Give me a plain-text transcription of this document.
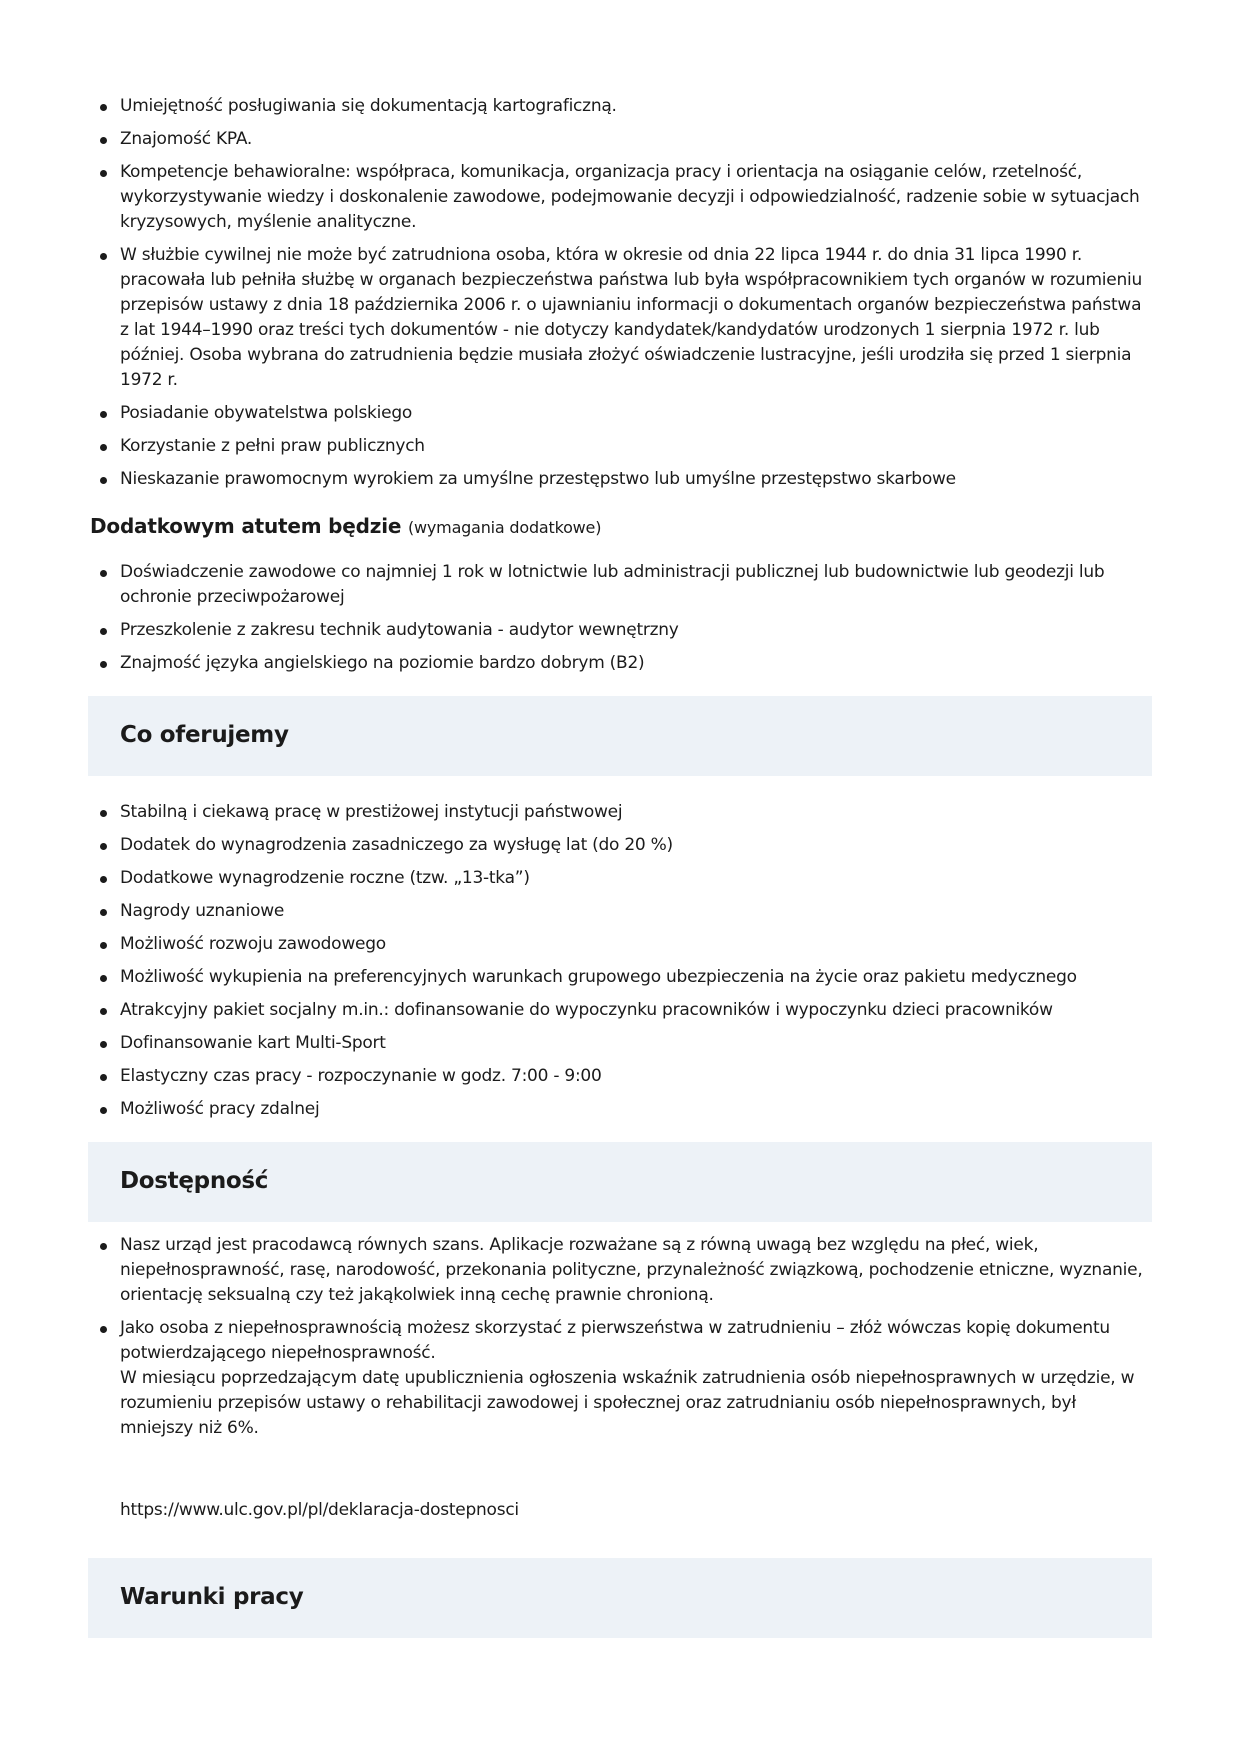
Umiejętność posługiwania się dokumentacją kartograficzną.
Znajomość KPA.
Kompetencje behawioralne: współpraca, komunikacja, organizacja pracy i orientacja na osiąganie celów, rzetelność, wykorzystywanie wiedzy i doskonalenie zawodowe, podejmowanie decyzji i odpowiedzialność, radzenie sobie w sytuacjach kryzysowych, myślenie analityczne.
W służbie cywilnej nie może być zatrudniona osoba, która w okresie od dnia 22 lipca 1944 r. do dnia 31 lipca 1990 r. pracowała lub pełniła służbę w organach bezpieczeństwa państwa lub była współpracownikiem tych organów w rozumieniu przepisów ustawy z dnia 18 października 2006 r. o ujawnianiu informacji o dokumentach organów bezpieczeństwa państwa z lat 1944–1990 oraz treści tych dokumentów - nie dotyczy kandydatek/kandydatów urodzonych 1 sierpnia 1972 r. lub później. Osoba wybrana do zatrudnienia będzie musiała złożyć oświadczenie lustracyjne, jeśli urodziła się przed 1 sierpnia 1972 r.
Posiadanie obywatelstwa polskiego
Korzystanie z pełni praw publicznych
Nieskazanie prawomocnym wyrokiem za umyślne przestępstwo lub umyślne przestępstwo skarbowe
Dodatkowym atutem będzie (wymagania dodatkowe)
Doświadczenie zawodowe co najmniej 1 rok w lotnictwie lub administracji publicznej lub budownictwie lub geodezji lub ochronie przeciwpożarowej
Przeszkolenie z zakresu technik audytowania - audytor wewnętrzny
Znajmość języka angielskiego na poziomie bardzo dobrym (B2)
Co oferujemy
Stabilną i ciekawą pracę w prestiżowej instytucji państwowej
Dodatek do wynagrodzenia zasadniczego za wysługę lat (do 20 %)
Dodatkowe wynagrodzenie roczne (tzw. „13-tka”)
Nagrody uznaniowe
Możliwość rozwoju zawodowego
Możliwość wykupienia na preferencyjnych warunkach grupowego ubezpieczenia na życie oraz pakietu medycznego
Atrakcyjny pakiet socjalny m.in.: dofinansowanie do wypoczynku pracowników i wypoczynku dzieci pracowników
Dofinansowanie kart Multi-Sport
Elastyczny czas pracy - rozpoczynanie w godz. 7:00 - 9:00
Możliwość pracy zdalnej
Dostępność
Nasz urząd jest pracodawcą równych szans. Aplikacje rozważane są z równą uwagą bez względu na płeć, wiek, niepełnosprawność, rasę, narodowość, przekonania polityczne, przynależność związkową, pochodzenie etniczne, wyznanie, orientację seksualną czy też jakąkolwiek inną cechę prawnie chronioną.
Jako osoba z niepełnosprawnością możesz skorzystać z pierwszeństwa w zatrudnieniu – złóż wówczas kopię dokumentu potwierdzającego niepełnosprawność.
W miesiącu poprzedzającym datę upublicznienia ogłoszenia wskaźnik zatrudnienia osób niepełnosprawnych w urzędzie, w rozumieniu przepisów ustawy o rehabilitacji zawodowej i społecznej oraz zatrudnianiu osób niepełnosprawnych, był mniejszy niż 6%.
https://www.ulc.gov.pl/pl/deklaracja-dostepnosci
Warunki pracy
